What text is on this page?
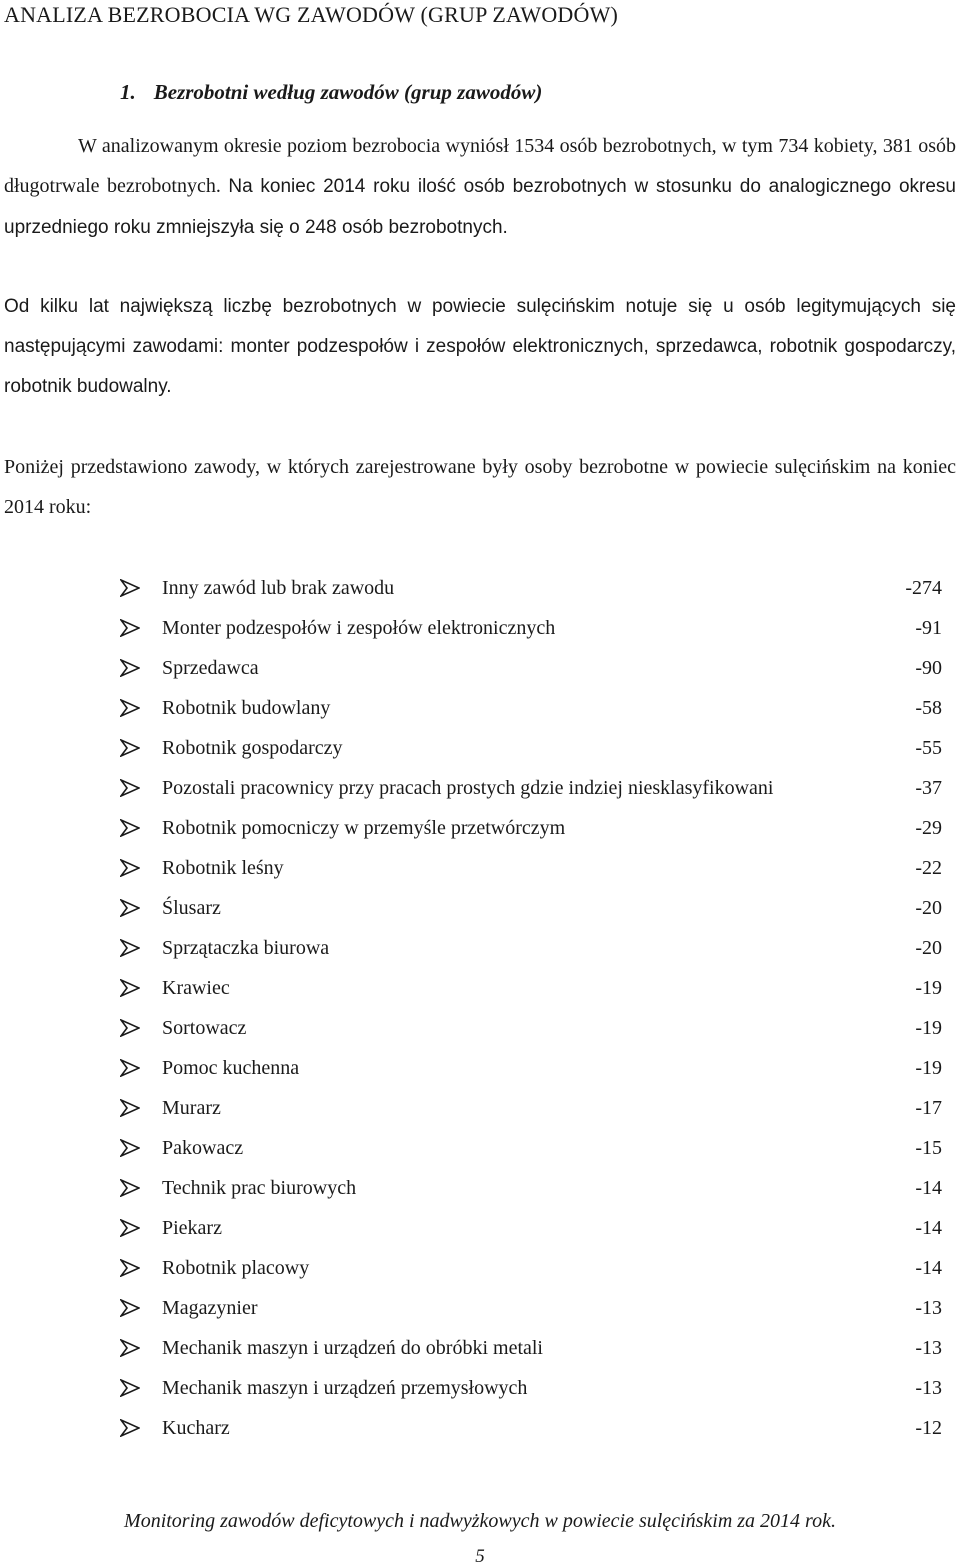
ANALIZA BEZROBOCIA WG ZAWODÓW (GRUP ZAWODÓW)
1. Bezrobotni według zawodów (grup zawodów)

W analizowanym okresie poziom bezrobocia wyniósł 1534 osób bezrobotnych, w tym 734 kobiety, 381 osób długotrwale bezrobotnych. Na koniec 2014 roku ilość osób bezrobotnych w stosunku do analogicznego okresu uprzedniego roku zmniejszyła się o 248 osób bezrobotnych.

Od kilku lat największą liczbę bezrobotnych w powiecie sulęcińskim notuje się u osób legitymujących się następującymi zawodami: monter podzespołów i zespołów elektronicznych, sprzedawca, robotnik gospodarczy, robotnik budowalny.

Poniżej przedstawiono zawody, w których zarejestrowane były osoby bezrobotne w powiecie sulęcińskim na koniec 2014 roku:

Inny zawód lub brak zawodu	-274
Monter podzespołów i zespołów elektronicznych	-91
Sprzedawca	-90
Robotnik budowlany	-58
Robotnik gospodarczy	-55
Pozostali pracownicy przy pracach prostych gdzie indziej niesklasyfikowani	-37
Robotnik pomocniczy w przemyśle przetwórczym	-29
Robotnik leśny	-22
Ślusarz	-20
Sprzątaczka biurowa	-20
Krawiec	-19
Sortowacz	-19
Pomoc kuchenna	-19
Murarz	-17
Pakowacz	-15
Technik prac biurowych	-14
Piekarz	-14
Robotnik placowy	-14
Magazynier	-13
Mechanik maszyn i urządzeń do obróbki metali	-13
Mechanik maszyn i urządzeń przemysłowych	-13
Kucharz	-12
Monitoring zawodów deficytowych i nadwyżkowych w powiecie sulęcińskim za 2014 rok.
5
